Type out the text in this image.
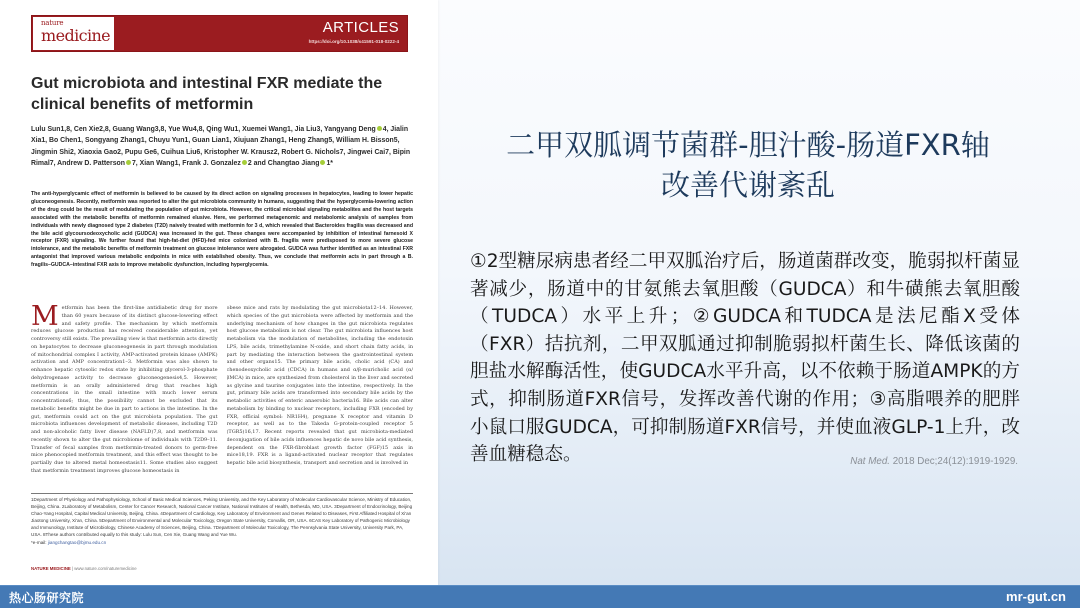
nature
medicine	ARTICLES
https://doi.org/10.1038/s41591-018-0222-4
Gut microbiota and intestinal FXR mediate the clinical benefits of metformin
Lulu Sun1,8, Cen Xie2,8, Guang Wang3,8, Yue Wu4,8, Qing Wu1, Xuemei Wang1, Jia Liu3, Yangyang Deng 4, Jialin Xia1, Bo Chen1, Songyang Zhang1, Chuyu Yun1, Guan Lian1, Xiujuan Zhang1, Heng Zhang5, William H. Bisson5, Jingmin Shi2, Xiaoxia Gao2, Pupu Ge6, Cuihua Liu6, Kristopher W. Krausz2, Robert G. Nichols7, Jingwei Cai7, Bipin Rimal7, Andrew D. Patterson 7, Xian Wang1, Frank J. Gonzalez 2 and Changtao Jiang 1*
The anti-hyperglycamic effect of metformin is believed to be caused by its direct action on signaling processes in hepatocytes, leading to lower hepatic gluconeogenesis. Recently, metformin was reported to alter the gut microbiota community in humans, suggesting that the hyperglycemia-lowering action of the drug could be the result of modulating the population of gut microbiota. However, the critical microbial signaling metabolites and the host targets associated with the metabolic benefits of metformin remained elusive. Here, we performed metagenomic and metabolomic analysis of samples from individuals with newly diagnosed type 2 diabetes (T2D) naively treated with metformin for 3 d, which revealed that Bacteroides fragilis was decreased and the bile acid glycoursodeoxycholic acid (GUDCA) was increased in the gut. These changes were accompanied by inhibition of intestinal farnesoid X receptor (FXR) signaling. We further found that high-fat-diet (HFD)-fed mice colonized with B. fragilis were predisposed to more severe glucose intolerance, and the metabolic benefits of metformin treatment on glucose intolerance were abrogated. GUDCA was further identified as an intestinal FXR antagonist that improved various metabolic endpoints in mice with established obesity. Thus, we conclude that metformin acts in part through a B. fragilis–GUDCA–intestinal FXR axis to improve metabolic dysfunction, including hyperglycemia.
Metformin has been the first-line antidiabetic drug for more than 60 years because of its distinct glucose-lowering effect and safety profile. The mechanism by which metformin reduces glucose production has received considerable attention, yet controversy still exists. The prevailing view is that metformin acts directly on hepatocytes to decrease gluconeogenesis in part through modulation of mitochondrial complex I activity, AMP-activated protein kinase (AMPK) activation and AMP concentration1–3. Metformin was also shown to enhance hepatic cytosolic redox state by inhibiting glycerol-3-phosphate dehydrogenase activity to decrease gluconeogenesis4,5. However, metformin is an orally administered drug that reaches high concentrations in the small intestine with much lower serum concentrations6; thus, the possibility cannot be excluded that its metabolic benefits might be due in part to actions in the intestine. In the gut, metformin could act on the gut microbiota population. The gut microbiota influences development of metabolic diseases, including T2D and non-alcoholic fatty liver disease (NAFLD)7,8, and metformin was recently shown to alter the gut microbiome of individuals with T2D9–11. Transfer of fecal samples from metformin-treated donors to germ-free mice phenocopied metformin treatment, and this effect was thought to be partially due to altered metal homeostasis11. Some studies also suggest that metformin treatment improves glucose homeostasis in
obese mice and rats by modulating the gut microbiota12–14. However, which species of the gut microbiota were affected by metformin and the underlying mechanism of how changes in the gut microbiota regulates host glucose metabolism is not clear. The gut microbiota influences host metabolism via the modulation of metabolites, including the endotoxin LPS, bile acids, trimethylamine N-oxide, and short chain fatty acids, in part by mediating the interaction between the gastrointestinal system and other organs15. The primary bile acids, cholic acid (CA) and chenodeoxycholic acid (CDCA) in humans and α/β-muricholic acid (α/βMCA) in mice, are synthesized from cholesterol in the liver and secreted as glycine and taurine conjugates into the intestine, respectively. In the gut, primary bile acids are transformed into secondary bile acids by the metabolic activities of enteric anaerobic bacteria16. Bile acids can alter metabolism by binding to nuclear receptors, including FXR (encoded by FXR, official symbol: NR1H4), pregnane X receptor and vitamin D receptor, as well as to the Takeda G-protein-coupled receptor 5 (TGR5)16,17. Recent reports revealed that gut microbiota-mediated deconjugation of bile acids influences hepatic de novo bile acid synthesis, dependent on the FXR-fibroblast growth factor (FGF)15 axis in mice18,19. FXR is a ligand-activated nuclear receptor that regulates hepatic bile acid biosynthesis, transport and secretion and is involved in
1Department of Physiology and Pathophysiology, School of Basic Medical Sciences, Peking University, and the Key Laboratory of Molecular Cardiovascular Science, Ministry of Education, Beijing, China. 2Laboratory of Metabolism, Center for Cancer Research, National Cancer Institute, National Institutes of Health, Bethesda, MD, USA. 3Department of Endocrinology, Beijing Chao-Yang Hospital, Capital Medical University, Beijing, China. 4Department of Cardiology, Key Laboratory of Environment and Genes Related to Diseases, First Affiliated Hospital of Xi'an Jiaotong University, Xi'an, China. 5Department of Environmental and Molecular Toxicology, Oregon State University, Corvallis, OR, USA. 6CAS Key Laboratory of Pathogenic Microbiology and Immunology, Institute of Microbiology, Chinese Academy of Sciences, Beijing, China. 7Department of Molecular Toxicology, The Pennsylvania State University, University Park, PA, USA. 8These authors contributed equally to this study: Lulu Sun, Cen Xie, Guang Wang and Yue Wu.
*e-mail: jiangchangtao@bjmu.edu.cn
NATURE MEDICINE | www.nature.com/naturemedicine
二甲双胍调节菌群-胆汁酸-肠道FXR轴
改善代谢紊乱
①2型糖尿病患者经二甲双胍治疗后，肠道菌群改变，脆弱拟杆菌显著减少，肠道中的甘氨熊去氧胆酸（GUDCA）和牛磺熊去氧胆酸（TUDCA）水平上升；②GUDCA和TUDCA是法尼酯X受体（FXR）拮抗剂，二甲双胍通过抑制脆弱拟杆菌生长、降低该菌的胆盐水解酶活性，使GUDCA水平升高，以不依赖于肠道AMPK的方式，抑制肠道FXR信号，发挥改善代谢的作用；③高脂喂养的肥胖小鼠口服GUDCA，可抑制肠道FXR信号，并使血液GLP-1上升，改善血糖稳态。	Nat Med. 2018 Dec;24(12):1919-1929.
热心肠研究院	mr-gut.cn
